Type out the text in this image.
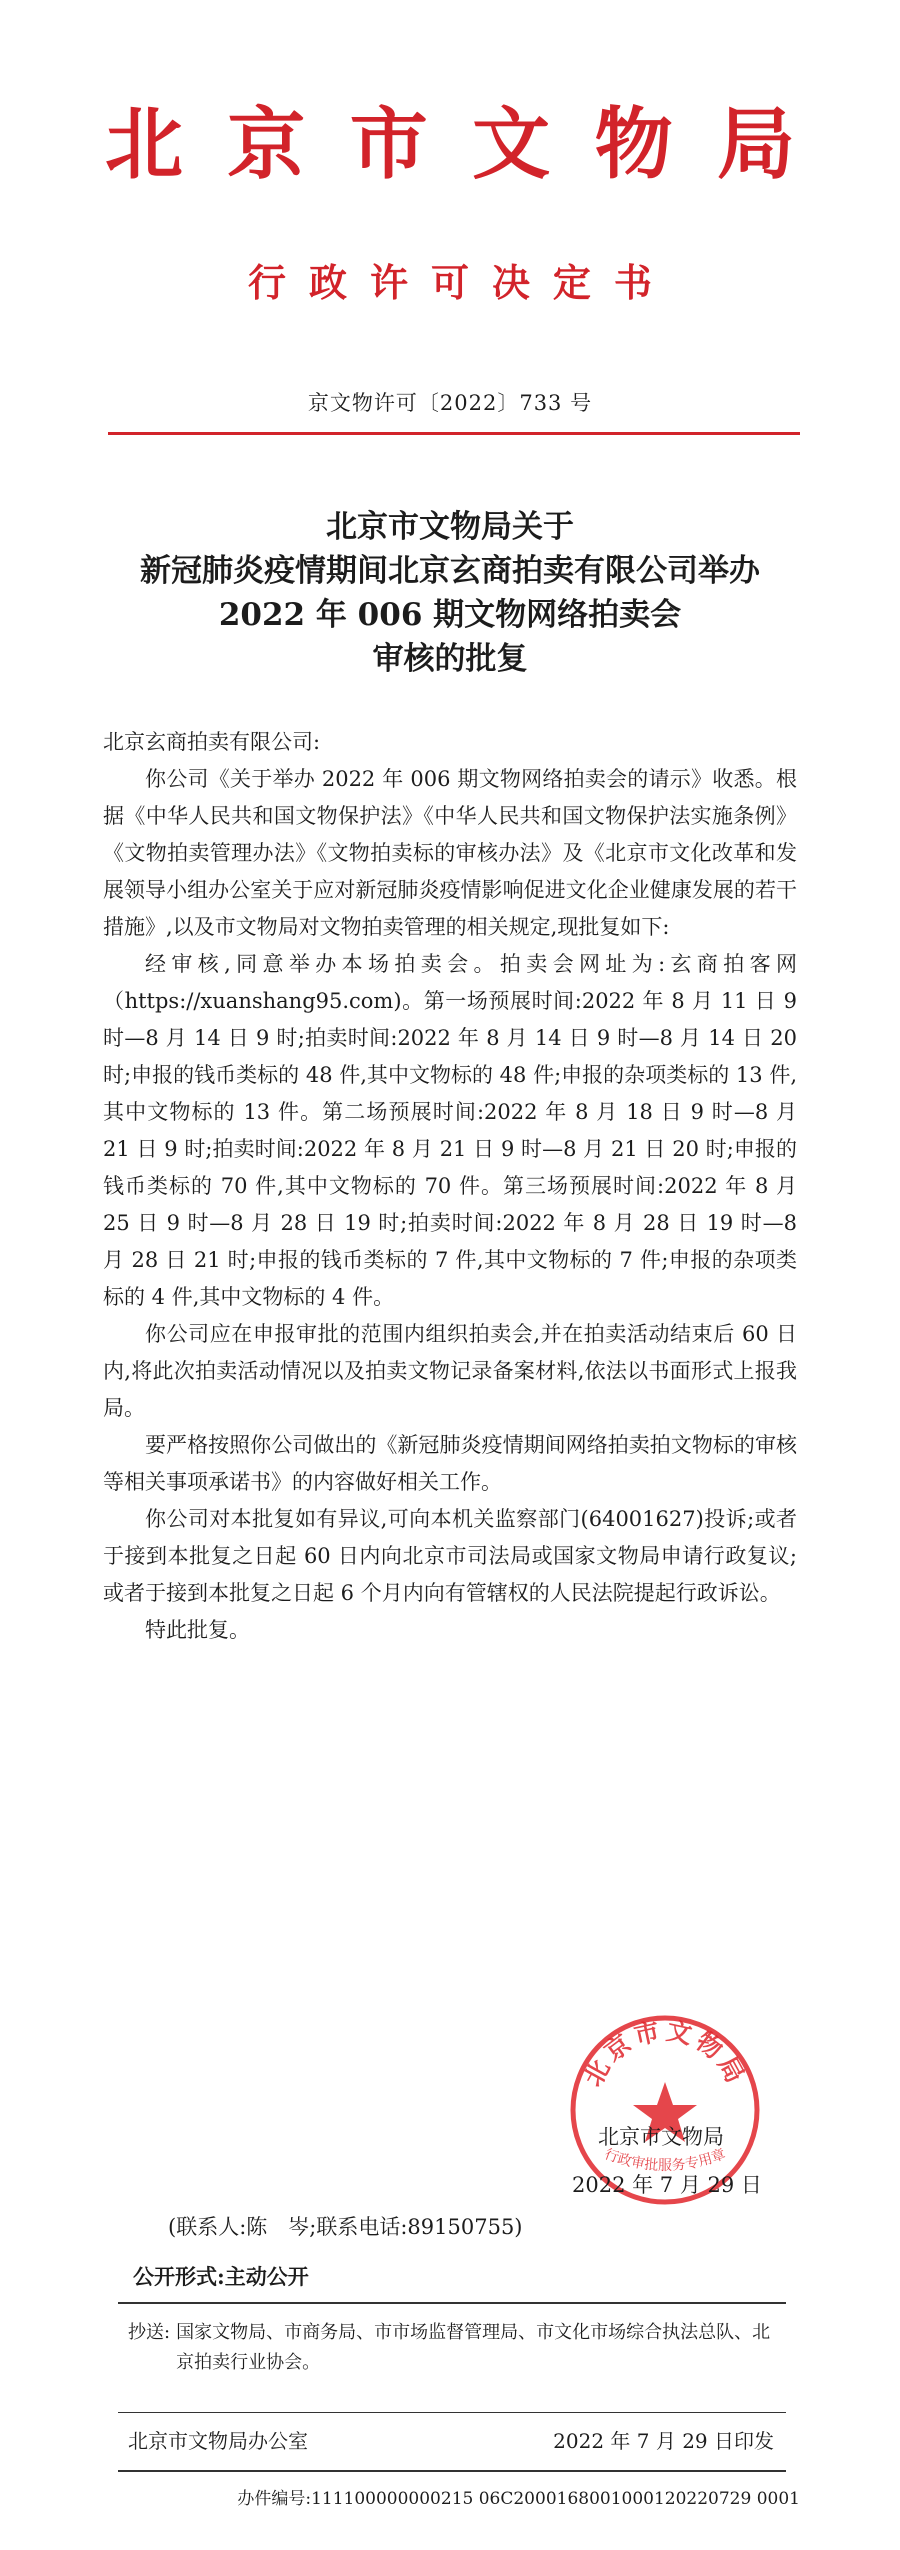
北 京 市 文 物 局
行 政 许 可 决 定 书
京文物许可〔2022〕733 号
北京市文物局关于
新冠肺炎疫情期间北京玄商拍卖有限公司举办
2022 年 006 期文物网络拍卖会
审核的批复

北京玄商拍卖有限公司:

你公司《关于举办 2022 年 006 期文物网络拍卖会的请示》收悉。根据《中华人民共和国文物保护法》《中华人民共和国文物保护法实施条例》《文物拍卖管理办法》《文物拍卖标的审核办法》及《北京市文化改革和发展领导小组办公室关于应对新冠肺炎疫情影响促进文化企业健康发展的若干措施》,以及市文物局对文物拍卖管理的相关规定,现批复如下:

经审核,同意举办本场拍卖会。拍卖会网址为:玄商拍客网（https://xuanshang95.com)。第一场预展时间:2022 年 8 月 11 日 9 时—8 月 14 日 9 时;拍卖时间:2022 年 8 月 14 日 9 时—8 月 14 日 20 时;申报的钱币类标的 48 件,其中文物标的 48 件;申报的杂项类标的 13 件,其中文物标的 13 件。第二场预展时间:2022 年 8 月 18 日 9 时—8 月 21 日 9 时;拍卖时间:2022 年 8 月 21 日 9 时—8 月 21 日 20 时;申报的钱币类标的 70 件,其中文物标的 70 件。第三场预展时间:2022 年 8 月 25 日 9 时—8 月 28 日 19 时;拍卖时间:2022 年 8 月 28 日 19 时—8 月 28 日 21 时;申报的钱币类标的 7 件,其中文物标的 7 件;申报的杂项类标的 4 件,其中文物标的 4 件。

你公司应在申报审批的范围内组织拍卖会,并在拍卖活动结束后 60 日内,将此次拍卖活动情况以及拍卖文物记录备案材料,依法以书面形式上报我局。

要严格按照你公司做出的《新冠肺炎疫情期间网络拍卖拍文物标的审核等相关事项承诺书》的内容做好相关工作。

你公司对本批复如有异议,可向本机关监察部门(64001627)投诉;或者于接到本批复之日起 60 日内向北京市司法局或国家文物局申请行政复议;或者于接到本批复之日起 6 个月内向有管辖权的人民法院提起行政诉讼。

特此批复。

北京市文物局
行政审批服务专用章
北京市文物局
2022 年 7 月 29 日
(联系人:陈　岑;联系电话:89150755)
公开形式:主动公开
抄送: 国家文物局、市商务局、市市场监督管理局、市文化市场综合执法总队、北京拍卖行业协会。
北京市文物局办公室	2022 年 7 月 29 日印发
办件编号:111100000000215 06C2000168001000120220729 0001
